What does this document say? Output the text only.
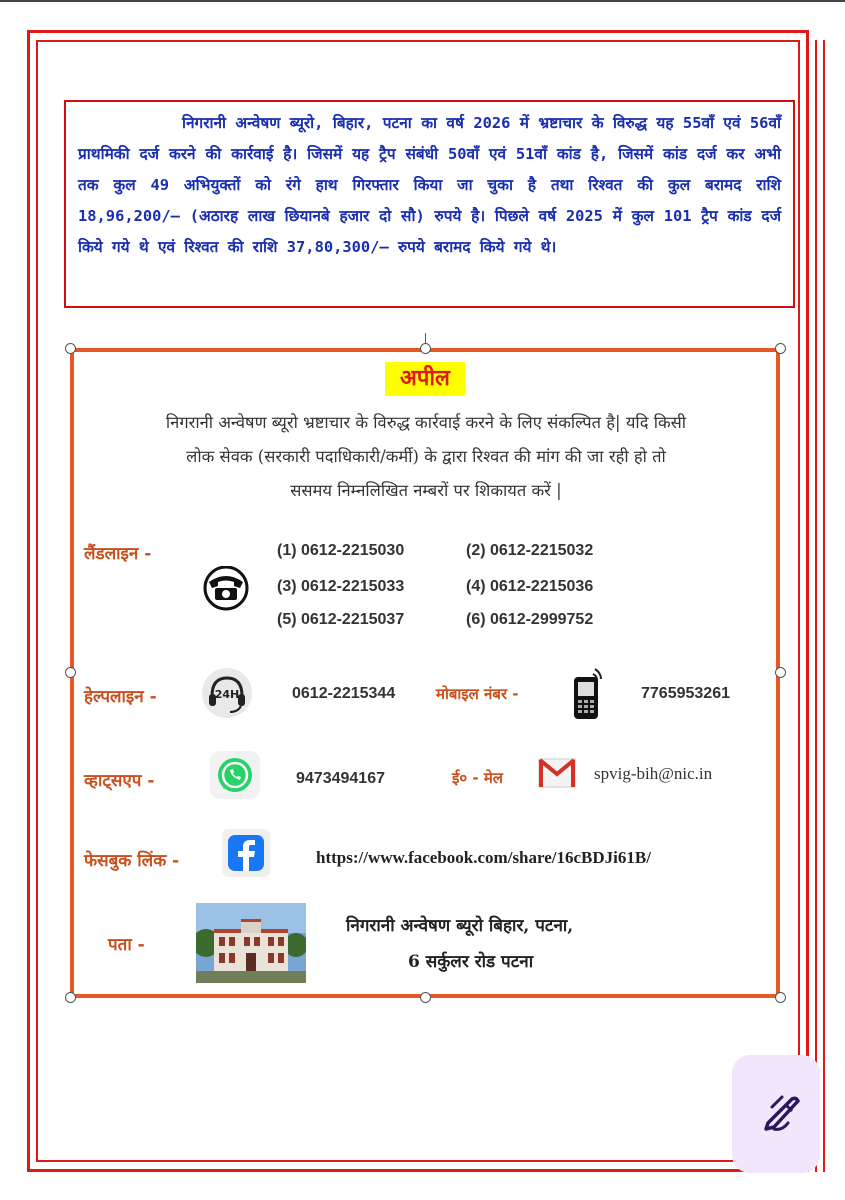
निगरानी अन्वेषण ब्यूरो, बिहार, पटना का वर्ष 2026 में भ्रष्टाचार के विरुद्ध यह 55वाँ एवं 56वाँ प्राथमिकी दर्ज करने की कार्रवाई है। जिसमें यह ट्रैप संबंधी 50वाँ एवं 51वाँ कांड है, जिसमें कांड दर्ज कर अभी तक कुल 49 अभियुक्तों को रंगे हाथ गिरफ्तार किया जा चुका है तथा रिश्वत की कुल बरामद राशि 18,96,200/– (अठारह लाख छियानबे हजार दो सौ) रुपये है। पिछले वर्ष 2025 में कुल 101 ट्रैप कांड दर्ज किये गये थे एवं रिश्वत की राशि 37,80,300/– रुपये बरामद किये गये थे।

अपील
निगरानी अन्वेषण ब्यूरो भ्रष्टाचार के विरुद्ध कार्रवाई करने के लिए संकल्पित है| यदि किसी
लोक सेवक (सरकारी पदाधिकारी/कर्मी) के द्वारा रिश्वत की मांग की जा रही हो तो
ससमय निम्नलिखित नम्बरों पर शिकायत करें |
लैंडलाइन -	(1) 0612-2215030	(2) 0612-2215032
(3) 0612-2215033	(4) 0612-2215036
(5) 0612-2215037	(6) 0612-2999752
हेल्पलाइन -	24H	0612-2215344	मोबाइल नंबर -	7765953261
व्हाट्सएप -	9473494167	ई० - मेल	spvig-bih@nic.in
फेसबुक लिंक -	https://www.facebook.com/share/16cBDJi61B/
पता -
निगरानी अन्वेषण ब्यूरो बिहार, पटना,
6 सर्कुलर रोड पटना
